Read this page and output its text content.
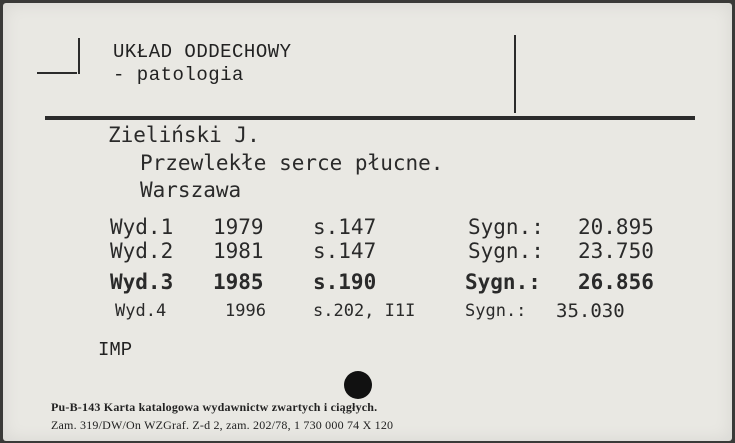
UKŁAD ODDECHOWY
- patologia
Zieliński J.
Przewlekłe serce płucne.
Warszawa
Wyd.1 1979 s.147	Sygn.: 20.895
Wyd.2 1981 s.147	Sygn.: 23.750
Wyd.3 1985 s.190	Sygn.: 26.856
Wyd.4	1996	s.202, I1I	Sygn.: 35.030
IMP
Pu-B-143 Karta katalogowa wydawnictw zwartych i ciągłych.
Zam. 319/DW/On WZGraf. Z-d 2, zam. 202/78, 1 730 000 74 X 120
